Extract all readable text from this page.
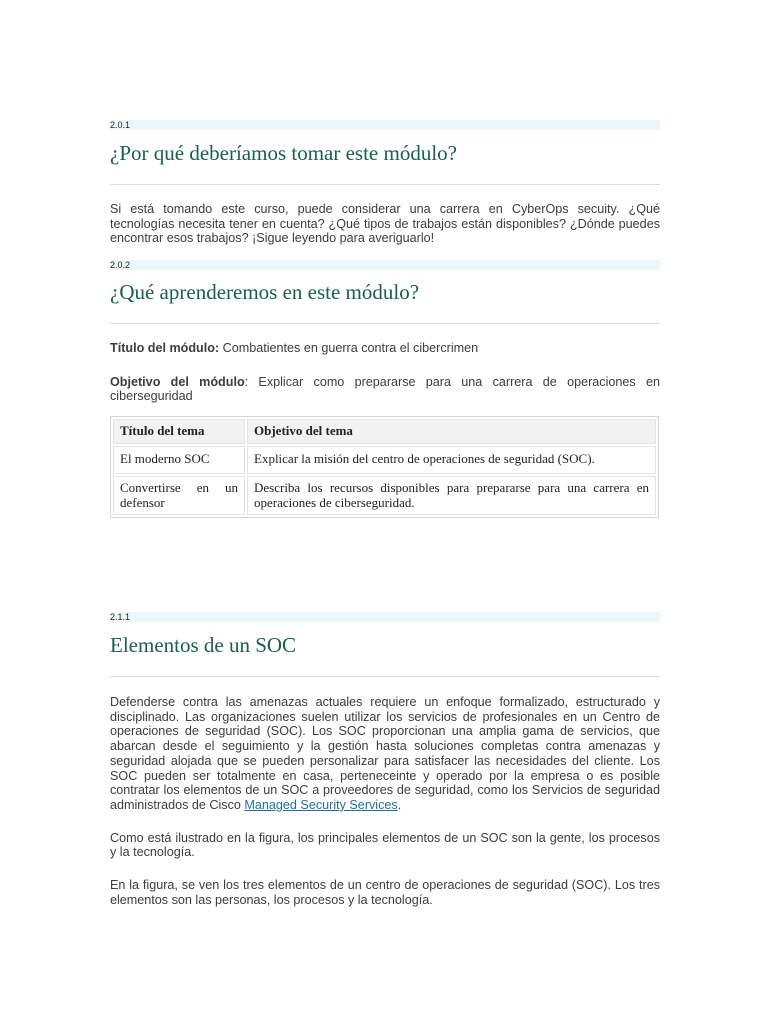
2.0.1
¿Por qué deberíamos tomar este módulo?

Si está tomando este curso, puede considerar una carrera en CyberOps secuity. ¿Qué tecnologías necesita tener en cuenta? ¿Qué tipos de trabajos están disponibles? ¿Dónde puedes encontrar esos trabajos? ¡Sigue leyendo para averiguarlo!

2.0.2
¿Qué aprenderemos en este módulo?

Título del módulo: Combatientes en guerra contra el cibercrimen

Objetivo del módulo: Explicar como prepararse para una carrera de operaciones en ciberseguridad

Título del tema	Objetivo del tema
El moderno SOC	Explicar la misión del centro de operaciones de seguridad (SOC).
Convertirse en un defensor	Describa los recursos disponibles para prepararse para una carrera en operaciones de ciberseguridad.
2.1.1
Elementos de un SOC

Defenderse contra las amenazas actuales requiere un enfoque formalizado, estructurado y disciplinado. Las organizaciones suelen utilizar los servicios de profesionales en un Centro de operaciones de seguridad (SOC). Los SOC proporcionan una amplia gama de servicios, que abarcan desde el seguimiento y la gestión hasta soluciones completas contra amenazas y seguridad alojada que se pueden personalizar para satisfacer las necesidades del cliente. Los SOC pueden ser totalmente en casa, perteneceinte y operado por la empresa o es posible contratar los elementos de un SOC a proveedores de seguridad, como los Servicios de seguridad administrados de Cisco Managed Security Services.

Como está ilustrado en la figura, los principales elementos de un SOC son la gente, los procesos y la tecnología.

En la figura, se ven los tres elementos de un centro de operaciones de seguridad (SOC). Los tres elementos son las personas, los procesos y la tecnología.
